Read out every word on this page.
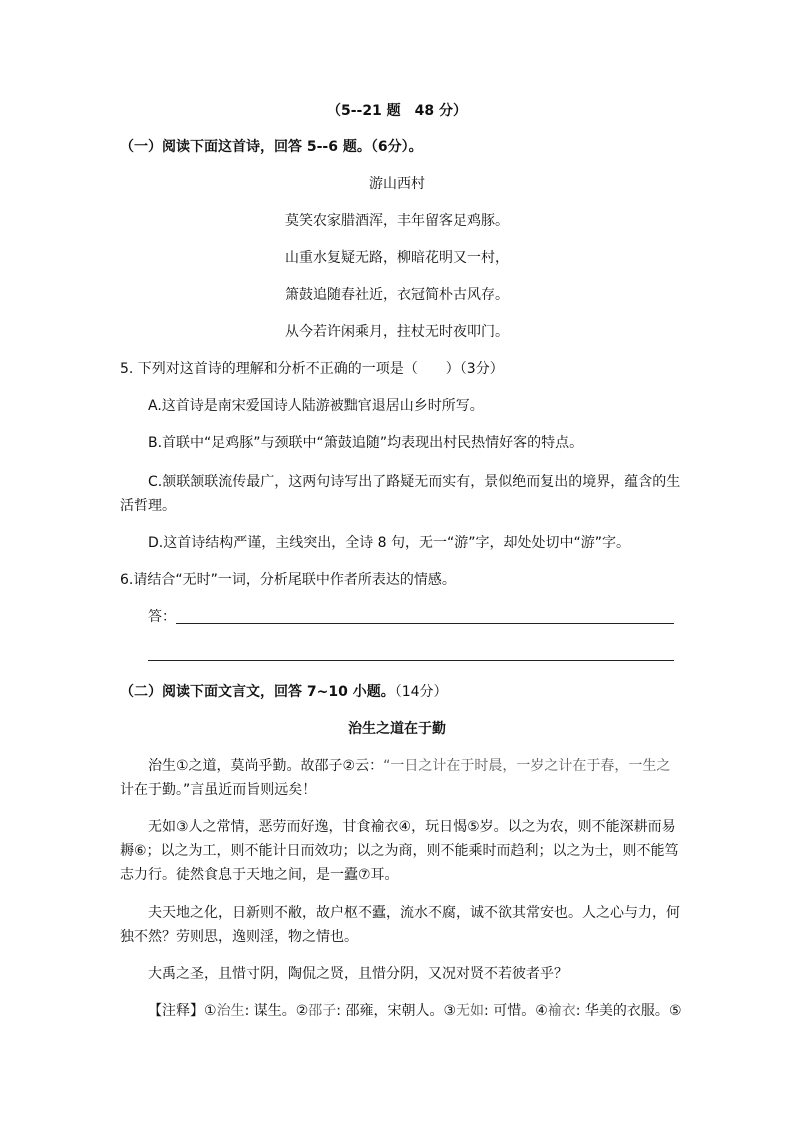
（5--21 题　48 分）
（一）阅读下面这首诗，回答 5--6 题。（6分）。
游山西村
莫笑农家腊酒浑，丰年留客足鸡豚。
山重水复疑无路，柳暗花明又一村，
箫鼓追随春社近，衣冠简朴古风存。
从今若许闲乘月，拄杖无时夜叩门。
5. 下列对这首诗的理解和分析不正确的一项是（　　）（3分）
A.这首诗是南宋爱国诗人陆游被黜官退居山乡时所写。
B.首联中“足鸡豚”与颈联中“箫鼓追随”均表现出村民热情好客的特点。
C.颔联颔联流传最广，这两句诗写出了路疑无而实有，景似绝而复出的境界，蕴含的生
活哲理。
D.这首诗结构严谨，主线突出，全诗 8 句，无一“游”字，却处处切中“游”字。
6.请结合“无时”一词，分析尾联中作者所表达的情感。
答：
（二）阅读下面文言文，回答 7~10 小题。（14分）
治生之道在于勤
治生①之道，莫尚乎勤。故邵子②云：“一日之计在于时晨，一岁之计在于春，一生之
计在于勤。”言虽近而旨则远矣！
无如③人之常情，恶劳而好逸，甘食褕衣④，玩日愒⑤岁。以之为农，则不能深耕而易
耨⑥；以之为工，则不能计日而效功；以之为商，则不能乘时而趋利；以之为士，则不能笃
志力行。徒然食息于天地之间，是一蠹⑦耳。
夫天地之化，日新则不敝，故户枢不蠹，流水不腐，诚不欲其常安也。人之心与力，何
独不然？劳则思，逸则淫，物之情也。
大禹之圣，且惜寸阴，陶侃之贤，且惜分阴，又况对贤不若彼者乎？
【注释】①治生: 谋生。②邵子: 邵雍，宋朝人。③无如: 可惜。④褕衣: 华美的衣服。⑤
